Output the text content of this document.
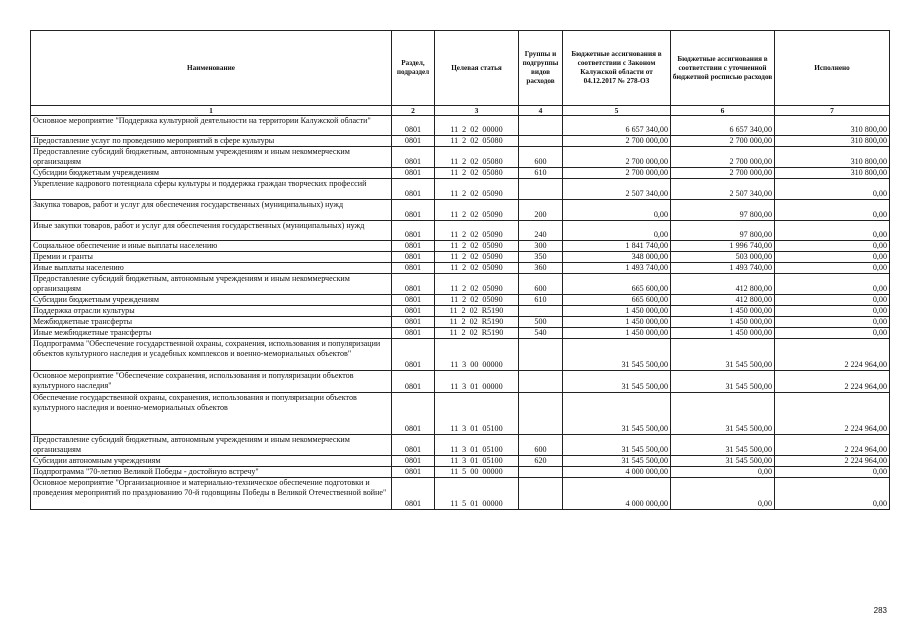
Наименование	Раздел, подраздел	Целевая статья	Группы и подгруппы видов расходов	Бюджетные ассигнования в соответствии с Законом Калужской области от 04.12.2017 № 278-ОЗ	Бюджетные ассигнования в соответствии с уточненной бюджетной росписью расходов	Исполнено
1	2	3	4	5	6	7
Основное мероприятие "Поддержка культурной деятельности на территории Калужской области"	0801	11  2  02  00000		6 657 340,00	6 657 340,00	310 800,00
Предоставление услуг по проведению мероприятий в сфере культуры	0801	11  2  02  05080		2 700 000,00	2 700 000,00	310 800,00
Предоставление субсидий бюджетным, автономным учреждениям и иным некоммерческим организациям	0801	11  2  02  05080	600	2 700 000,00	2 700 000,00	310 800,00
Субсидии бюджетным учреждениям	0801	11  2  02  05080	610	2 700 000,00	2 700 000,00	310 800,00
Укрепление кадрового потенциала сферы культуры и поддержка граждан творческих профессий	0801	11  2  02  05090		2 507 340,00	2 507 340,00	0,00
Закупка товаров, работ и услуг для обеспечения государственных (муниципальных) нужд	0801	11  2  02  05090	200	0,00	97 800,00	0,00
Иные закупки товаров, работ и услуг для обеспечения государственных (муниципальных) нужд	0801	11  2  02  05090	240	0,00	97 800,00	0,00
Социальное обеспечение и иные выплаты населению	0801	11  2  02  05090	300	1 841 740,00	1 996 740,00	0,00
Премии и гранты	0801	11  2  02  05090	350	348 000,00	503 000,00	0,00
Иные выплаты населению	0801	11  2  02  05090	360	1 493 740,00	1 493 740,00	0,00
Предоставление субсидий бюджетным, автономным учреждениям и иным некоммерческим организациям	0801	11  2  02  05090	600	665 600,00	412 800,00	0,00
Субсидии бюджетным учреждениям	0801	11  2  02  05090	610	665 600,00	412 800,00	0,00
Поддержка отрасли культуры	0801	11  2  02  R5190		1 450 000,00	1 450 000,00	0,00
Межбюджетные трансферты	0801	11  2  02  R5190	500	1 450 000,00	1 450 000,00	0,00
Иные межбюджетные трансферты	0801	11  2  02  R5190	540	1 450 000,00	1 450 000,00	0,00
Подпрограмма "Обеспечение государственной охраны, сохранения, использования и популяризации объектов культурного наследия и усадебных комплексов и военно-мемориальных объектов"	0801	11  3  00  00000		31 545 500,00	31 545 500,00	2 224 964,00
Основное мероприятие "Обеспечение сохранения, использования и популяризации объектов культурного наследия"	0801	11  3  01  00000		31 545 500,00	31 545 500,00	2 224 964,00
Обеспечение государственной охраны, сохранения, использования и популяризации объектов культурного наследия и военно-мемориальных объектов	0801	11  3  01  05100		31 545 500,00	31 545 500,00	2 224 964,00
Предоставление субсидий бюджетным, автономным учреждениям и иным некоммерческим организациям	0801	11  3  01  05100	600	31 545 500,00	31 545 500,00	2 224 964,00
Субсидии автономным учреждениям	0801	11  3  01  05100	620	31 545 500,00	31 545 500,00	2 224 964,00
Подпрограмма "70-летию Великой Победы - достойную встречу"	0801	11  5  00  00000		4 000 000,00	0,00	0,00
Основное мероприятие "Организационное и материально-техническое обеспечение подготовки и проведения мероприятий по празднованию 70-й годовщины Победы в Великой Отечественной войне"	0801	11  5  01  00000		4 000 000,00	0,00	0,00
283
